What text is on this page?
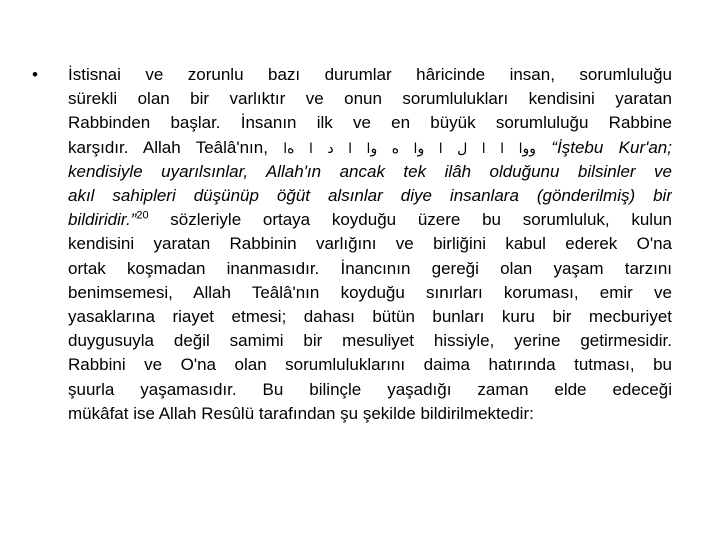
• İstisnai ve zorunlu bazı durumlar hâricinde insan, sorumluluğu
sürekli olan bir varlıktır ve onun sorumlulukları kendisini yaratan
Rabbinden başlar. İnsanın ilk ve en büyük sorumluluğu Rabbine
karşıdır. Allah Teâlâ'nın, ﻭﻭﺍ ﺍ ﺍ ﻝ ﺍ ﻭﺍ ﻩ ﻭﺍ ﺍ ﺩ ﺍ ﻩﺍ “İştebu Kur'an;
kendisiyle uyarılsınlar, Allah'ın ancak tek ilâh olduğunu bilsinler ve
akıl sahipleri düşünüp öğüt alsınlar diye insanlara (gönderilmiş) bir
bildiridir.”$^{20}$ sözleriyle ortaya koyduğu üzere bu sorumluluk, kulun
kendisini yaratan Rabbinin varlığını ve birliğini kabul ederek O'na
ortak koşmadan inanmasıdır. İnancının gereği olan yaşam tarzını
benimsemesi, Allah Teâlâ'nın koyduğu sınırları koruması, emir ve
yasaklarına riayet etmesi; dahası bütün bunları kuru bir mecburiyet
duygusuyla değil samimi bir mesuliyet hissiyle, yerine getirmesidir.
Rabbini ve O'na olan sorumluluklarını daima hatırında tutması, bu
şuurla yaşamasıdır. Bu bilinçle yaşadığı zaman elde edeceği
mükâfat ise Allah Resûlü tarafından şu şekilde bildirilmektedir:
